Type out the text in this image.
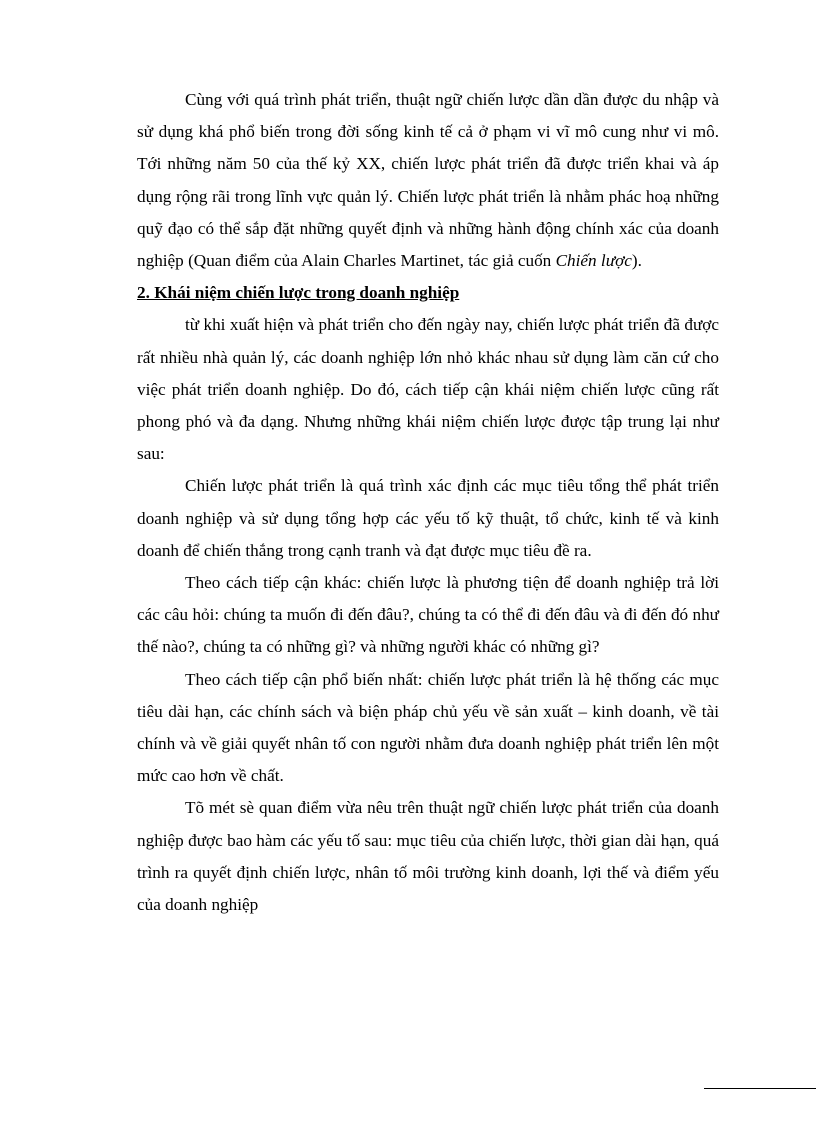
Cùng với quá trình phát triển, thuật ngữ chiến lược dần dần được du nhập và sử dụng khá phổ biến trong đời sống kinh tế cả ở phạm vi vĩ mô cung như vi mô. Tới những năm 50 của thế kỷ XX, chiến lược phát triển đã được triển khai và áp dụng rộng rãi trong lĩnh vực quản lý. Chiến lược phát triển là nhằm phác hoạ những quỹ đạo có thể sắp đặt những quyết định và những hành động chính xác của doanh nghiệp (Quan điểm của Alain Charles Martinet, tác giả cuốn Chiến lược).

2. Khái niệm chiến lược trong doanh nghiệp

từ khi xuất hiện và phát triển cho đến ngày nay, chiến lược phát triển đã được rất nhiều nhà quản lý, các doanh nghiệp lớn nhỏ khác nhau sử dụng làm căn cứ cho việc phát triển doanh nghiệp. Do đó, cách tiếp cận khái niệm chiến lược cũng rất phong phó và đa dạng. Nhưng những khái niệm chiến lược được tập trung lại như sau:

Chiến lược phát triển là quá trình xác định các mục tiêu tổng thể phát triển doanh nghiệp và sử dụng tổng hợp các yếu tố kỹ thuật, tổ chức, kinh tế và kinh doanh để chiến thắng trong cạnh tranh và đạt được mục tiêu đề ra.

Theo cách tiếp cận khác: chiến lược là phương tiện để doanh nghiệp trả lời các câu hỏi: chúng ta muốn đi đến đâu?, chúng ta có thể đi đến đâu và đi đến đó như thế nào?, chúng ta có những gì? và những người khác có những gì?

Theo cách tiếp cận phổ biến nhất: chiến lược phát triển là hệ thống các mục tiêu dài hạn, các chính sách và biện pháp chủ yếu về sản xuất – kinh doanh, về tài chính và về giải quyết nhân tố con người nhằm đưa doanh nghiệp phát triển lên một mức cao hơn về chất.

Tõ mét sè quan điểm vừa nêu trên thuật ngữ chiến lược phát triển của doanh nghiệp được bao hàm các yếu tố sau: mục tiêu của chiến lược, thời gian dài hạn, quá trình ra quyết định chiến lược, nhân tố môi trường kinh doanh, lợi thế và điểm yếu của doanh nghiệp
